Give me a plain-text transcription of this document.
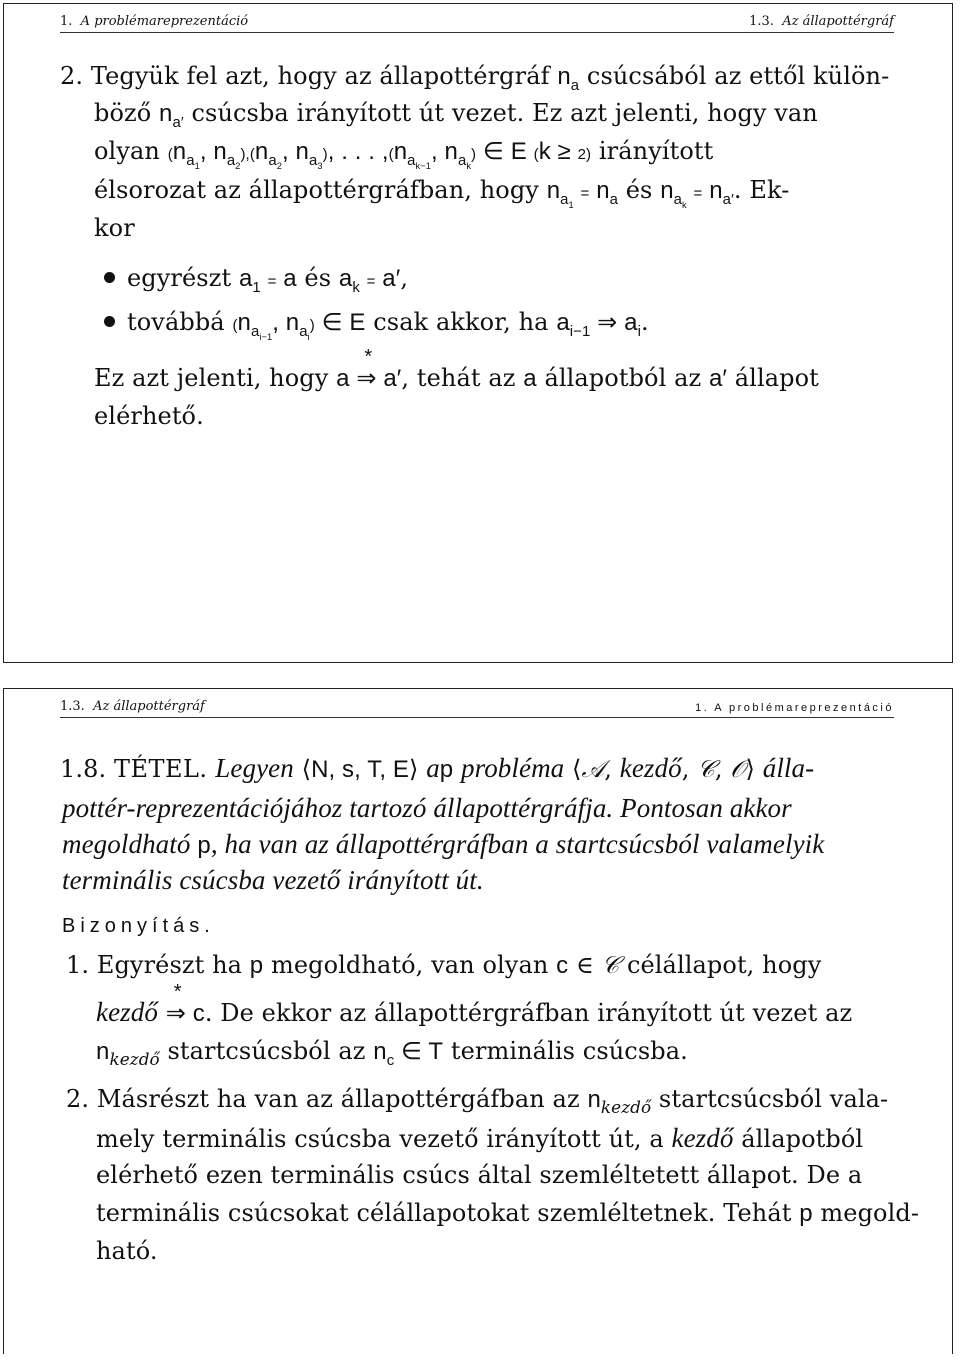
1. A problémareprezentáció	1.3. Az állapottérgráf
2. Tegyük fel azt, hogy az állapottérgráf $n_a$ csúcsából az ettől külön-
böző $n_{a'}$ csúcsba irányított út vezet. Ez azt jelenti, hogy van
olyan ($n_{a_1}$, $n_{a_2}),(n_{a_2}$, $n_{a_3}$), . . . $,(n_{a_{k-1}}$, $n_{a_k}$) ∈ E (k ≥ 2) irányított
élsorozat az állapottérgráfban, hogy $n_{a_1} = n_a$ és $n_{a_k} = n_{a'}$. Ek-
kor
egyrészt $a_1 = a$ és $a_k = a'$,
továbbá ($n_{a_{i-1}}$, $n_{a_i}$) ∈ E csak akkor, ha $a_{i-1}$ ⇒ $a_i$.
Ez azt jelenti, hogy a
*
⇒ a′, tehát az a állapotból az a′ állapot
elérhető.
1.3. Az állapottérgráf	1. A problémareprezentáció
1.8. TÉTEL. Legyen ⟨N, s, T, E⟩ ap probléma ⟨𝒜, kezdő, 𝒞, 𝒪⟩ álla-
pottér-reprezentációjához tartozó állapottérgráfja. Pontosan akkor
megoldható p, ha van az állapottérgráfban a startcsúcsból valamelyik
terminális csúcsba vezető irányított út.
Bizonyítás.
1. Egyrészt ha p megoldható, van olyan c ∈ 𝒞 célállapot, hogy
kezdő
*
⇒ c. De ekkor az állapottérgráfban irányított út vezet az
$n_{kezdő}$ startcsúcsból az $n_c$ ∈ T terminális csúcsba.
2. Másrészt ha van az állapottérgáfban az $n_{kezdő}$ startcsúcsból vala-
mely terminális csúcsba vezető irányított út, a kezdő állapotból
elérhető ezen terminális csúcs által szemléltetett állapot. De a
terminális csúcsokat célállapotokat szemléltetnek. Tehát p megold-
ható.
